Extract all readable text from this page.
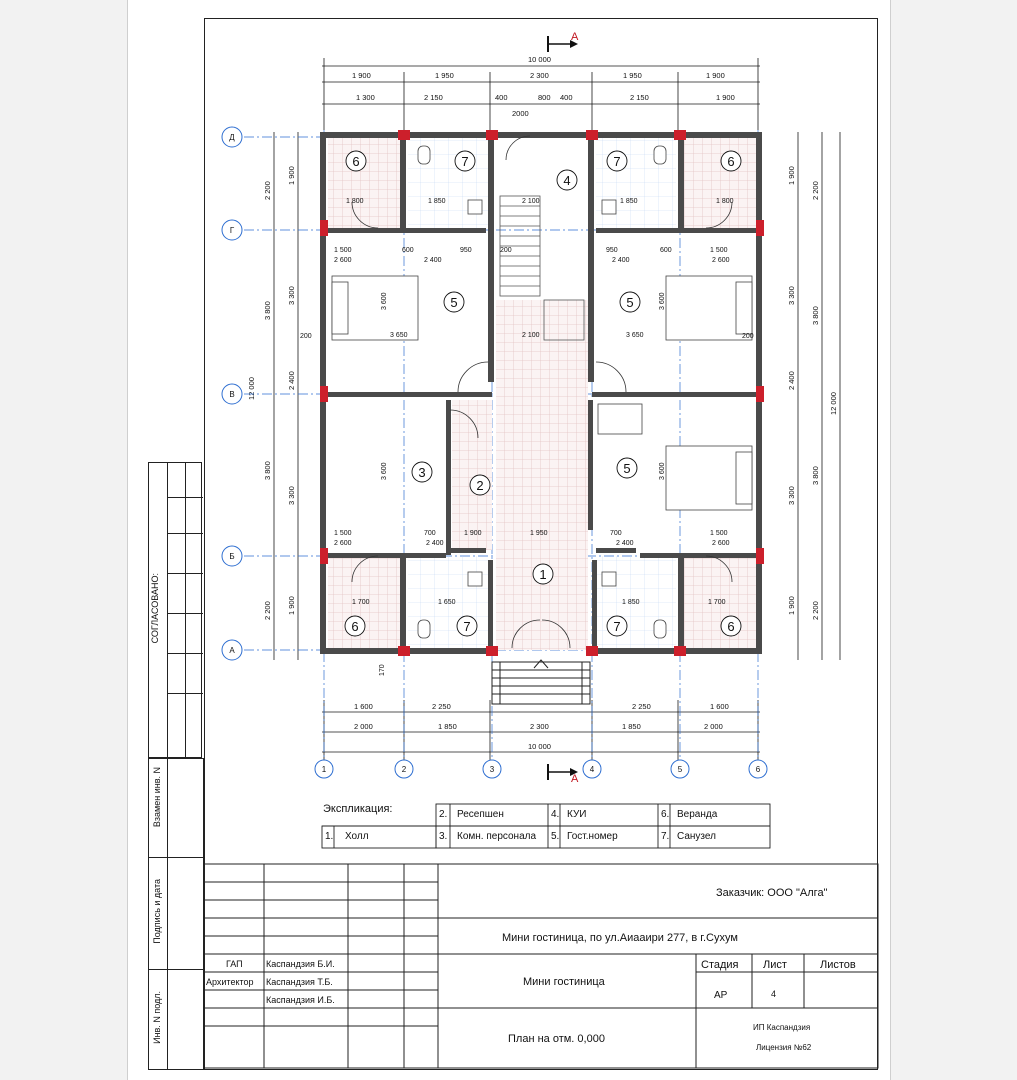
СОГЛАСОВАНО:
Взамен инв. N
Подпись и дата
Инв. N подл.
А
А
10 000
1 900	1 950	2 300	1 950	1 900
1 300	2 150	400	800 400	2 150	1 900
2000
1 600	2 250	2 250	1 600
2 000	1 850	2 300	1 850	2 000
10 000
2 200
3 800
12 000
3 800
2 200
1 900
3 300
2 400
3 300
1 900
1 900
3 300
2 400
3 300
1 900
2 200
3 800
3 800
2 200
12 000
Д
Г
В
Б
А
1	2	3	4	5	6
1 800	1 850	2 100	1 850	1 800
1 500
2 600	2 400
950	200	1 500
2 600
2 400
950
3 600
3 650	2 100	3 650
3 600
3 600	3 600
1 900	1 950
1 700	1 650	1 850	1 700
1 500
2 600
1 500
2 600
2 400
2 400
700
700
170
200	200
600
600
6	7
4
7	6
5	5
3
2
5
1
6	7	7	6
Экспликация:
1. Холл
2. Ресепшен
3. Комн. персонала
4. КУИ
5. Гост.номер
6. Веранда
7. Санузел
Заказчик: ООО "Алга"
Мини гостиница, по ул.Аиааири 277, в г.Сухум
Мини гостиница
План на отм. 0,000
Стадия Лист	Листов
АР	4
ИП Каспандзия
Лицензия №62
ГАП	Каспандзия Б.И.
Архитектор Каспандзия Т.Б.
Каспандзия И.Б.
